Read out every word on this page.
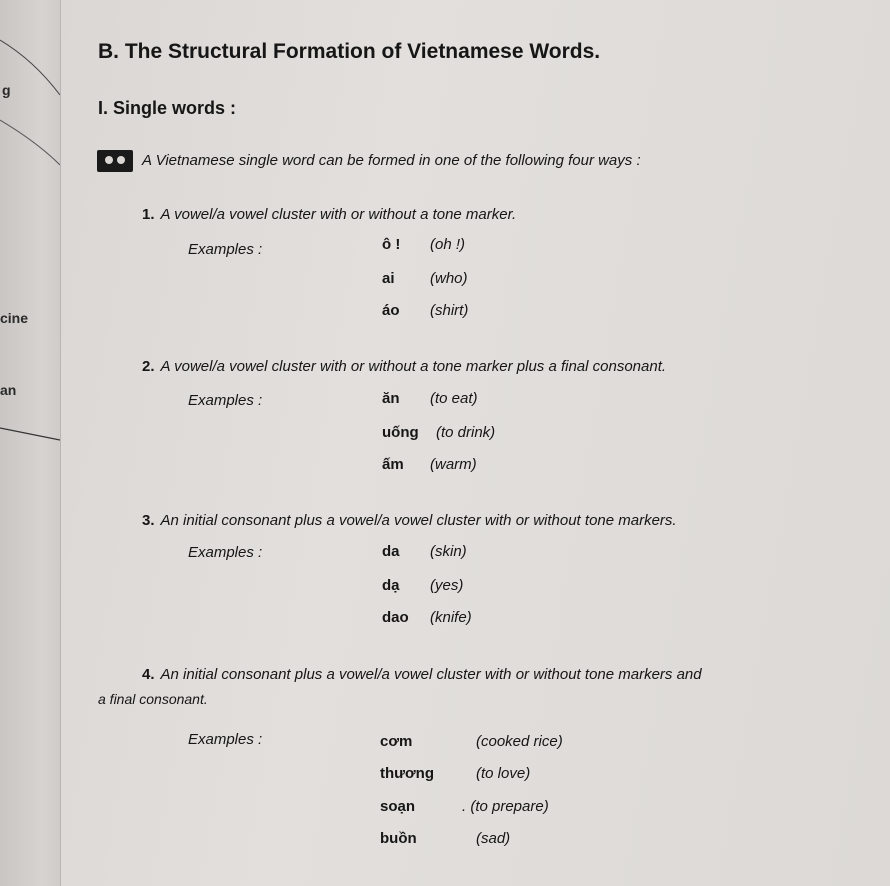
g
cine
an
B. The Structural Formation of Vietnamese Words.
I. Single words :
A Vietnamese single word can be formed in one of the following four ways :
1. A vowel/a vowel cluster with or without a tone marker.
Examples :	ô ! (oh !)
ai (who)
áo (shirt)
2. A vowel/a vowel cluster with or without a tone marker plus a final consonant.
Examples :	ăn (to eat)
uống (to drink)
ấm (warm)
3. An initial consonant plus a vowel/a vowel cluster with or without tone markers.
Examples :	da (skin)
dạ (yes)
dao (knife)
4. An initial consonant plus a vowel/a vowel cluster with or without tone markers and
a final consonant.
Examples :	cơm	(cooked rice)
thương	(to love)
soạn	. (to prepare)
buồn	(sad)
